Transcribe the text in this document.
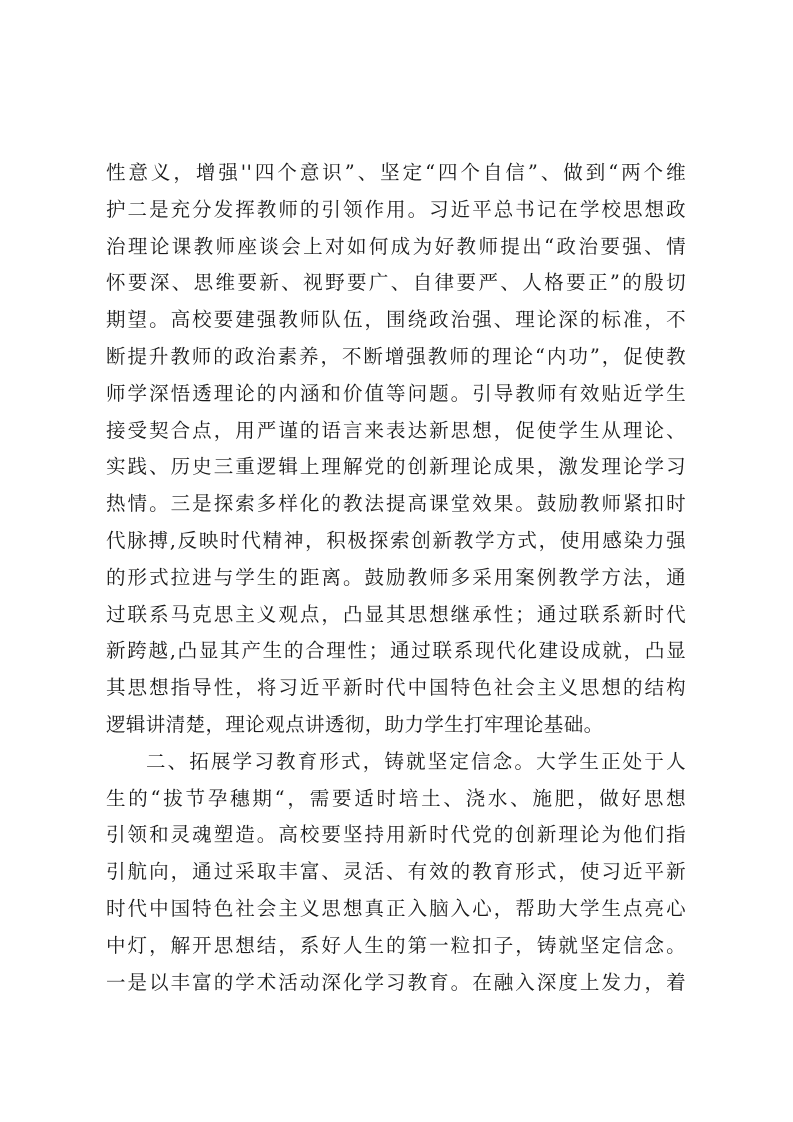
性意义，增强''四个意识”、坚定“四个自信”、做到“两个维
护二是充分发挥教师的引领作用。习近平总书记在学校思想政
治理论课教师座谈会上对如何成为好教师提出“政治要强、情
怀要深、思维要新、视野要广、自律要严、人格要正”的殷切
期望。高校要建强教师队伍，围绕政治强、理论深的标准，不
断提升教师的政治素养，不断增强教师的理论“内功”，促使教
师学深悟透理论的内涵和价值等问题。引导教师有效贴近学生
接受契合点，用严谨的语言来表达新思想，促使学生从理论、
实践、历史三重逻辑上理解党的创新理论成果，激发理论学习
热情。三是探索多样化的教法提高课堂效果。鼓励教师紧扣时
代脉搏,反映时代精神，积极探索创新教学方式，使用感染力强
的形式拉进与学生的距离。鼓励教师多采用案例教学方法，通
过联系马克思主义观点，凸显其思想继承性；通过联系新时代
新跨越,凸显其产生的合理性；通过联系现代化建设成就，凸显
其思想指导性，将习近平新时代中国特色社会主义思想的结构
逻辑讲清楚，理论观点讲透彻，助力学生打牢理论基础。
二、拓展学习教育形式，铸就坚定信念。大学生正处于人
生的“拔节孕穗期“，需要适时培土、浇水、施肥，做好思想
引领和灵魂塑造。高校要坚持用新时代党的创新理论为他们指
引航向，通过采取丰富、灵活、有效的教育形式，使习近平新
时代中国特色社会主义思想真正入脑入心，帮助大学生点亮心
中灯，解开思想结，系好人生的第一粒扣子，铸就坚定信念。
一是以丰富的学术活动深化学习教育。在融入深度上发力，着
